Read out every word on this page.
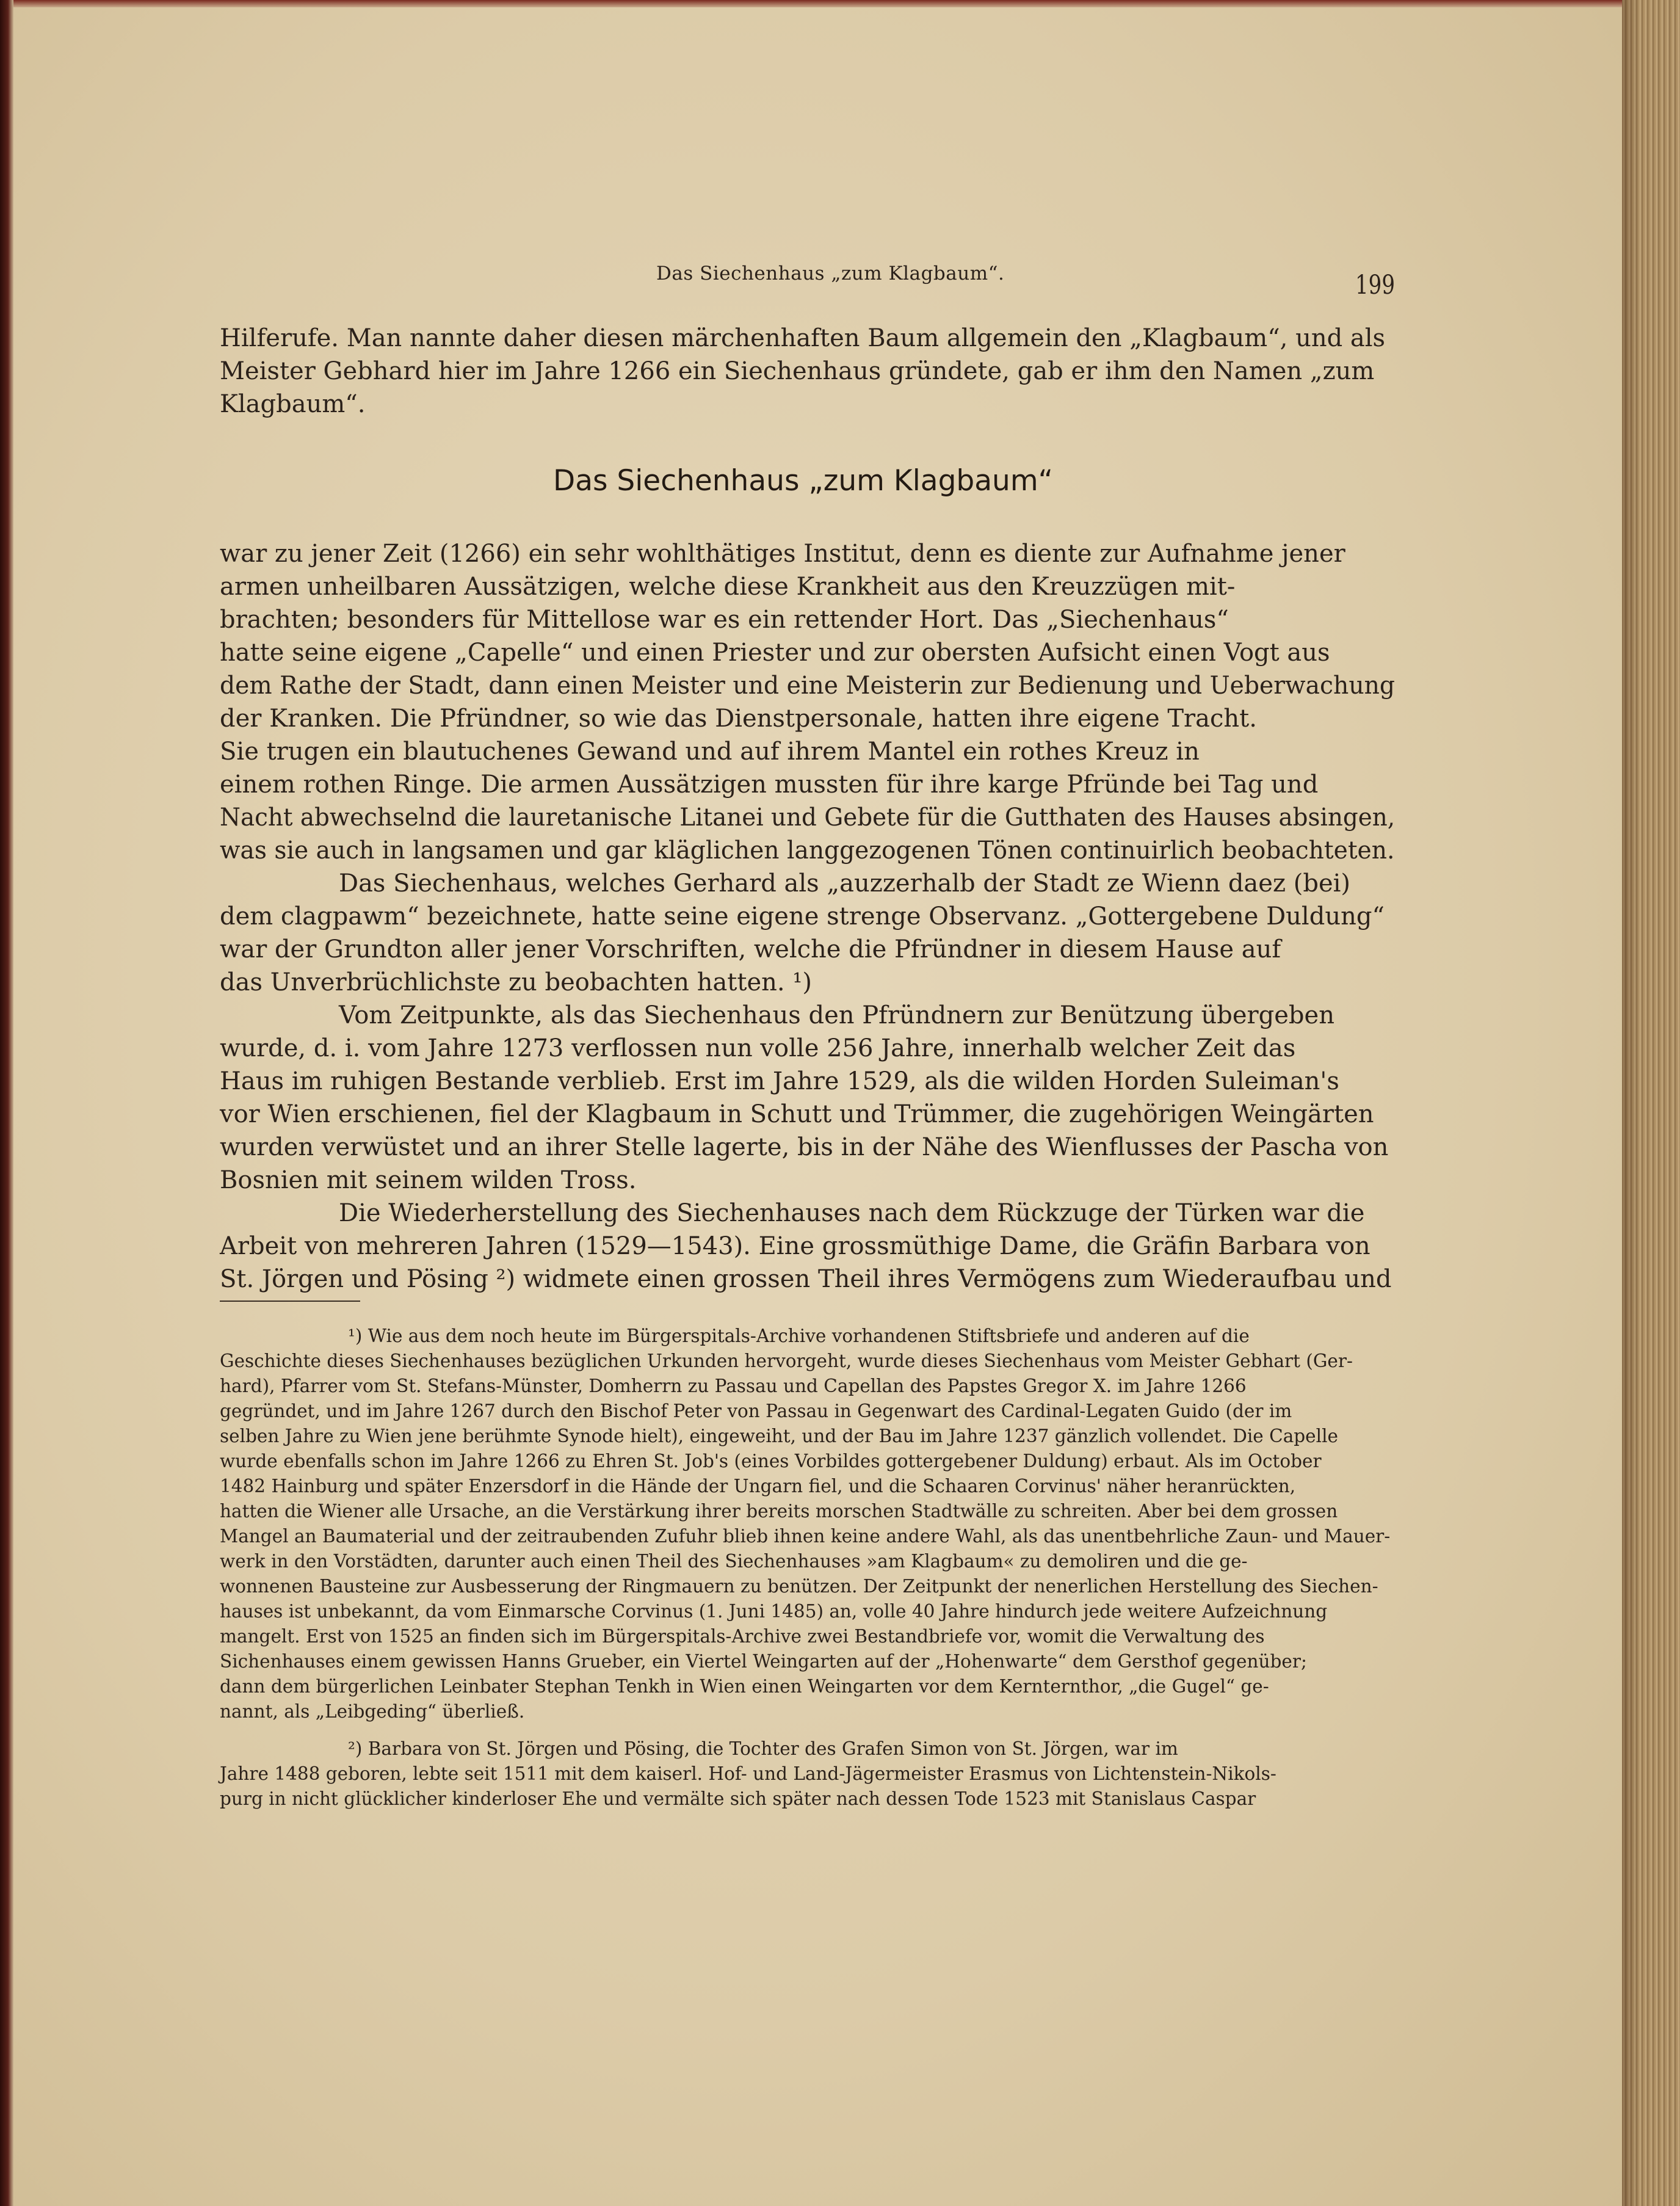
Das Siechenhaus „zum Klagbaum“.	199
Hilferufe. Man nannte daher diesen märchenhaften Baum allgemein den „Klagbaum“, und als
Meister Gebhard hier im Jahre 1266 ein Siechenhaus gründete, gab er ihm den Namen „zum
Klagbaum“.
Das Siechenhaus „zum Klagbaum“
war zu jener Zeit (1266) ein sehr wohlthätiges Institut, denn es diente zur Aufnahme jener
armen unheilbaren Aussätzigen, welche diese Krankheit aus den Kreuzzügen mit-
brachten; besonders für Mittellose war es ein rettender Hort. Das „Siechenhaus“
hatte seine eigene „Capelle“ und einen Priester und zur obersten Aufsicht einen Vogt aus
dem Rathe der Stadt, dann einen Meister und eine Meisterin zur Bedienung und Ueberwachung
der Kranken. Die Pfründner, so wie das Dienstpersonale, hatten ihre eigene Tracht.
Sie trugen ein blautuchenes Gewand und auf ihrem Mantel ein rothes Kreuz in
einem rothen Ringe. Die armen Aussätzigen mussten für ihre karge Pfründe bei Tag und
Nacht abwechselnd die lauretanische Litanei und Gebete für die Gutthaten des Hauses absingen,
was sie auch in langsamen und gar kläglichen langgezogenen Tönen continuirlich beobachteten.
Das Siechenhaus, welches Gerhard als „auzzerhalb der Stadt ze Wienn daez (bei)
dem clagpawm“ bezeichnete, hatte seine eigene strenge Observanz. „Gottergebene Duldung“
war der Grundton aller jener Vorschriften, welche die Pfründner in diesem Hause auf
das Unverbrüchlichste zu beobachten hatten. ¹)
Vom Zeitpunkte, als das Siechenhaus den Pfründnern zur Benützung übergeben
wurde, d. i. vom Jahre 1273 verflossen nun volle 256 Jahre, innerhalb welcher Zeit das
Haus im ruhigen Bestande verblieb. Erst im Jahre 1529, als die wilden Horden Suleiman's
vor Wien erschienen, fiel der Klagbaum in Schutt und Trümmer, die zugehörigen Weingärten
wurden verwüstet und an ihrer Stelle lagerte, bis in der Nähe des Wienflusses der Pascha von
Bosnien mit seinem wilden Tross.
Die Wiederherstellung des Siechenhauses nach dem Rückzuge der Türken war die
Arbeit von mehreren Jahren (1529—1543). Eine grossmüthige Dame, die Gräfin Barbara von
St. Jörgen und Pösing ²) widmete einen grossen Theil ihres Vermögens zum Wiederaufbau und
¹) Wie aus dem noch heute im Bürgerspitals-Archive vorhandenen Stiftsbriefe und anderen auf die
Geschichte dieses Siechenhauses bezüglichen Urkunden hervorgeht, wurde dieses Siechenhaus vom Meister Gebhart (Ger-
hard), Pfarrer vom St. Stefans-Münster, Domherrn zu Passau und Capellan des Papstes Gregor X. im Jahre 1266
gegründet, und im Jahre 1267 durch den Bischof Peter von Passau in Gegenwart des Cardinal-Legaten Guido (der im
selben Jahre zu Wien jene berühmte Synode hielt), eingeweiht, und der Bau im Jahre 1237 gänzlich vollendet. Die Capelle
wurde ebenfalls schon im Jahre 1266 zu Ehren St. Job's (eines Vorbildes gottergebener Duldung) erbaut. Als im October
1482 Hainburg und später Enzersdorf in die Hände der Ungarn fiel, und die Schaaren Corvinus' näher heranrückten,
hatten die Wiener alle Ursache, an die Verstärkung ihrer bereits morschen Stadtwälle zu schreiten. Aber bei dem grossen
Mangel an Baumaterial und der zeitraubenden Zufuhr blieb ihnen keine andere Wahl, als das unentbehrliche Zaun- und Mauer-
werk in den Vorstädten, darunter auch einen Theil des Siechenhauses »am Klagbaum« zu demoliren und die ge-
wonnenen Bausteine zur Ausbesserung der Ringmauern zu benützen. Der Zeitpunkt der nenerlichen Herstellung des Siechen-
hauses ist unbekannt, da vom Einmarsche Corvinus (1. Juni 1485) an, volle 40 Jahre hindurch jede weitere Aufzeichnung
mangelt. Erst von 1525 an finden sich im Bürgerspitals-Archive zwei Bestandbriefe vor, womit die Verwaltung des
Sichenhauses einem gewissen Hanns Grueber, ein Viertel Weingarten auf der „Hohenwarte“ dem Gersthof gegenüber;
dann dem bürgerlichen Leinbater Stephan Tenkh in Wien einen Weingarten vor dem Kernternthor, „die Gugel“ ge-
nannt, als „Leibgeding“ überließ.
²) Barbara von St. Jörgen und Pösing, die Tochter des Grafen Simon von St. Jörgen, war im
Jahre 1488 geboren, lebte seit 1511 mit dem kaiserl. Hof- und Land-Jägermeister Erasmus von Lichtenstein-Nikols-
purg in nicht glücklicher kinderloser Ehe und vermälte sich später nach dessen Tode 1523 mit Stanislaus Caspar
